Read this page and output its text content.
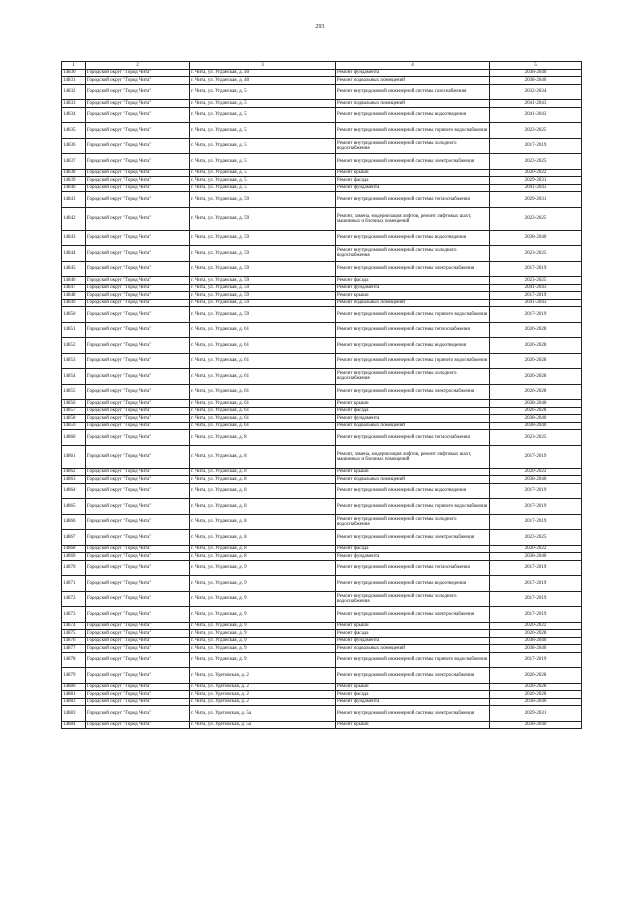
293
1	2	3	4	5
14830	Городской округ "Город Чита"	г. Чита, ул. Угданская, д. 40	Ремонт фундамента	2038-2040
14831	Городской округ "Город Чита"	г. Чита, ул. Угданская, д. 40	Ремонт подвальных помещений	2038-2040
14832	Городской округ "Город Чита"	г. Чита, ул. Угданская, д. 5	Ремонт внутридомовой инженерной системы газоснабжения	2032-2034
14833	Городской округ "Город Чита"	г. Чита, ул. Угданская, д. 5	Ремонт подвальных помещений	2041-2043
14834	Городской округ "Город Чита"	г. Чита, ул. Угданская, д. 5	Ремонт внутридомовой инженерной системы водоотведения	2041-2043
14835	Городской округ "Город Чита"	г. Чита, ул. Угданская, д. 5	Ремонт внутридомовой инженерной системы горячего водоснабжения	2023-2025
14836	Городской округ "Город Чита"	г. Чита, ул. Угданская, д. 5	Ремонт внутридомовой инженерной системы холодного водоснабжения	2017-2019
14837	Городской округ "Город Чита"	г. Чита, ул. Угданская, д. 5	Ремонт внутридомовой инженерной системы электроснабжения	2023-2025
14838	Городской округ "Город Чита"	г. Чита, ул. Угданская, д. 5	Ремонт крыши	2020-2022
14839	Городской округ "Город Чита"	г. Чита, ул. Угданская, д. 5	Ремонт фасада	2029-2031
14840	Городской округ "Город Чита"	г. Чита, ул. Угданская, д. 5	Ремонт фундамента	2041-2043
14841	Городской округ "Город Чита"	г. Чита, ул. Угданская, д. 59	Ремонт внутридомовой инженерной системы теплоснабжения	2029-2031
14842	Городской округ "Город Чита"	г. Чита, ул. Угданская, д. 59	Ремонт, замена, модернизация лифтов, ремонт лифтовых шахт, машинных и блочных помещений	2023-2025
14843	Городской округ "Город Чита"	г. Чита, ул. Угданская, д. 59	Ремонт внутридомовой инженерной системы водоотведения	2038-2040
14844	Городской округ "Город Чита"	г. Чита, ул. Угданская, д. 59	Ремонт внутридомовой инженерной системы холодного водоснабжения	2023-2025
14845	Городской округ "Город Чита"	г. Чита, ул. Угданская, д. 59	Ремонт внутридомовой инженерной системы электроснабжения	2017-2019
14846	Городской округ "Город Чита"	г. Чита, ул. Угданская, д. 59	Ремонт фасада	2023-2025
14847	Городской округ "Город Чита"	г. Чита, ул. Угданская, д. 59	Ремонт фундамента	2041-2043
14848	Городской округ "Город Чита"	г. Чита, ул. Угданская, д. 59	Ремонт крыши	2017-2019
14849	Городской округ "Город Чита"	г. Чита, ул. Угданская, д. 59	Ремонт подвальных помещений	2041-2043
14850	Городской округ "Город Чита"	г. Чита, ул. Угданская, д. 59	Ремонт внутридомовой инженерной системы горячего водоснабжения	2017-2019
14851	Городской округ "Город Чита"	г. Чита, ул. Угданская, д. 61	Ремонт внутридомовой инженерной системы теплоснабжения	2026-2028
14852	Городской округ "Город Чита"	г. Чита, ул. Угданская, д. 61	Ремонт внутридомовой инженерной системы водоотведения	2026-2028
14853	Городской округ "Город Чита"	г. Чита, ул. Угданская, д. 61	Ремонт внутридомовой инженерной системы горячего водоснабжения	2026-2028
14854	Городской округ "Город Чита"	г. Чита, ул. Угданская, д. 61	Ремонт внутридомовой инженерной системы холодного водоснабжения	2026-2028
14855	Городской округ "Город Чита"	г. Чита, ул. Угданская, д. 61	Ремонт внутридомовой инженерной системы электроснабжения	2026-2028
14856	Городской округ "Город Чита"	г. Чита, ул. Угданская, д. 61	Ремонт крыши	2038-2040
14857	Городской округ "Город Чита"	г. Чита, ул. Угданская, д. 61	Ремонт фасада	2026-2028
14858	Городской округ "Город Чита"	г. Чита, ул. Угданская, д. 61	Ремонт фундамента	2038-2040
14859	Городской округ "Город Чита"	г. Чита, ул. Угданская, д. 61	Ремонт подвальных помещений	2038-2040
14860	Городской округ "Город Чита"	г. Чита, ул. Угданская, д. 8	Ремонт внутридомовой инженерной системы теплоснабжения	2023-2025
14861	Городской округ "Город Чита"	г. Чита, ул. Угданская, д. 8	Ремонт, замена, модернизация лифтов, ремонт лифтовых шахт, машинных и блочных помещений	2017-2019
14862	Городской округ "Город Чита"	г. Чита, ул. Угданская, д. 8	Ремонт крыши	2020-2022
14863	Городской округ "Город Чита"	г. Чита, ул. Угданская, д. 8	Ремонт подвальных помещений	2038-2040
14864	Городской округ "Город Чита"	г. Чита, ул. Угданская, д. 8	Ремонт внутридомовой инженерной системы водоотведения	2017-2019
14865	Городской округ "Город Чита"	г. Чита, ул. Угданская, д. 8	Ремонт внутридомовой инженерной системы горячего водоснабжения	2017-2019
14866	Городской округ "Город Чита"	г. Чита, ул. Угданская, д. 8	Ремонт внутридомовой инженерной системы холодного водоснабжения	2017-2019
14867	Городской округ "Город Чита"	г. Чита, ул. Угданская, д. 8	Ремонт внутридомовой инженерной системы электроснабжения	2023-2025
14868	Городской округ "Город Чита"	г. Чита, ул. Угданская, д. 8	Ремонт фасада	2020-2022
14869	Городской округ "Город Чита"	г. Чита, ул. Угданская, д. 8	Ремонт фундамента	2038-2040
14870	Городской округ "Город Чита"	г. Чита, ул. Угданская, д. 9	Ремонт внутридомовой инженерной системы теплоснабжения	2017-2019
14871	Городской округ "Город Чита"	г. Чита, ул. Угданская, д. 9	Ремонт внутридомовой инженерной системы водоотведения	2017-2019
14872	Городской округ "Город Чита"	г. Чита, ул. Угданская, д. 9	Ремонт внутридомовой инженерной системы холодного водоснабжения	2017-2019
14873	Городской округ "Город Чита"	г. Чита, ул. Угданская, д. 9	Ремонт внутридомовой инженерной системы электроснабжения	2017-2019
14874	Городской округ "Город Чита"	г. Чита, ул. Угданская, д. 9	Ремонт крыши	2020-2022
14875	Городской округ "Город Чита"	г. Чита, ул. Угданская, д. 9	Ремонт фасада	2026-2028
14876	Городской округ "Город Чита"	г. Чита, ул. Угданская, д. 9	Ремонт фундамента	2038-2040
14877	Городской округ "Город Чита"	г. Чита, ул. Угданская, д. 9	Ремонт подвальных помещений	2038-2040
14878	Городской округ "Город Чита"	г. Чита, ул. Угданская, д. 9	Ремонт внутридомовой инженерной системы горячего водоснабжения	2017-2019
14879	Городской округ "Город Чита"	г. Чита, ул. Удетовская, д. 2	Ремонт внутридомовой инженерной системы электроснабжения	2026-2028
14880	Городской округ "Город Чита"	г. Чита, ул. Удетовская, д. 2	Ремонт крыши	2026-2028
14881	Городской округ "Город Чита"	г. Чита, ул. Удетовская, д. 2	Ремонт фасада	2026-2028
14882	Городской округ "Город Чита"	г. Чита, ул. Удетовская, д. 2	Ремонт фундамента	2038-2040
14883	Городской округ "Город Чита"	г. Чита, ул. Удетовская, д. 5а	Ремонт внутридомовой инженерной системы электроснабжения	2029-2031
14884	Городской округ "Город Чита"	г. Чита, ул. Удетовская, д. 5а	Ремонт крыши	2038-2040
